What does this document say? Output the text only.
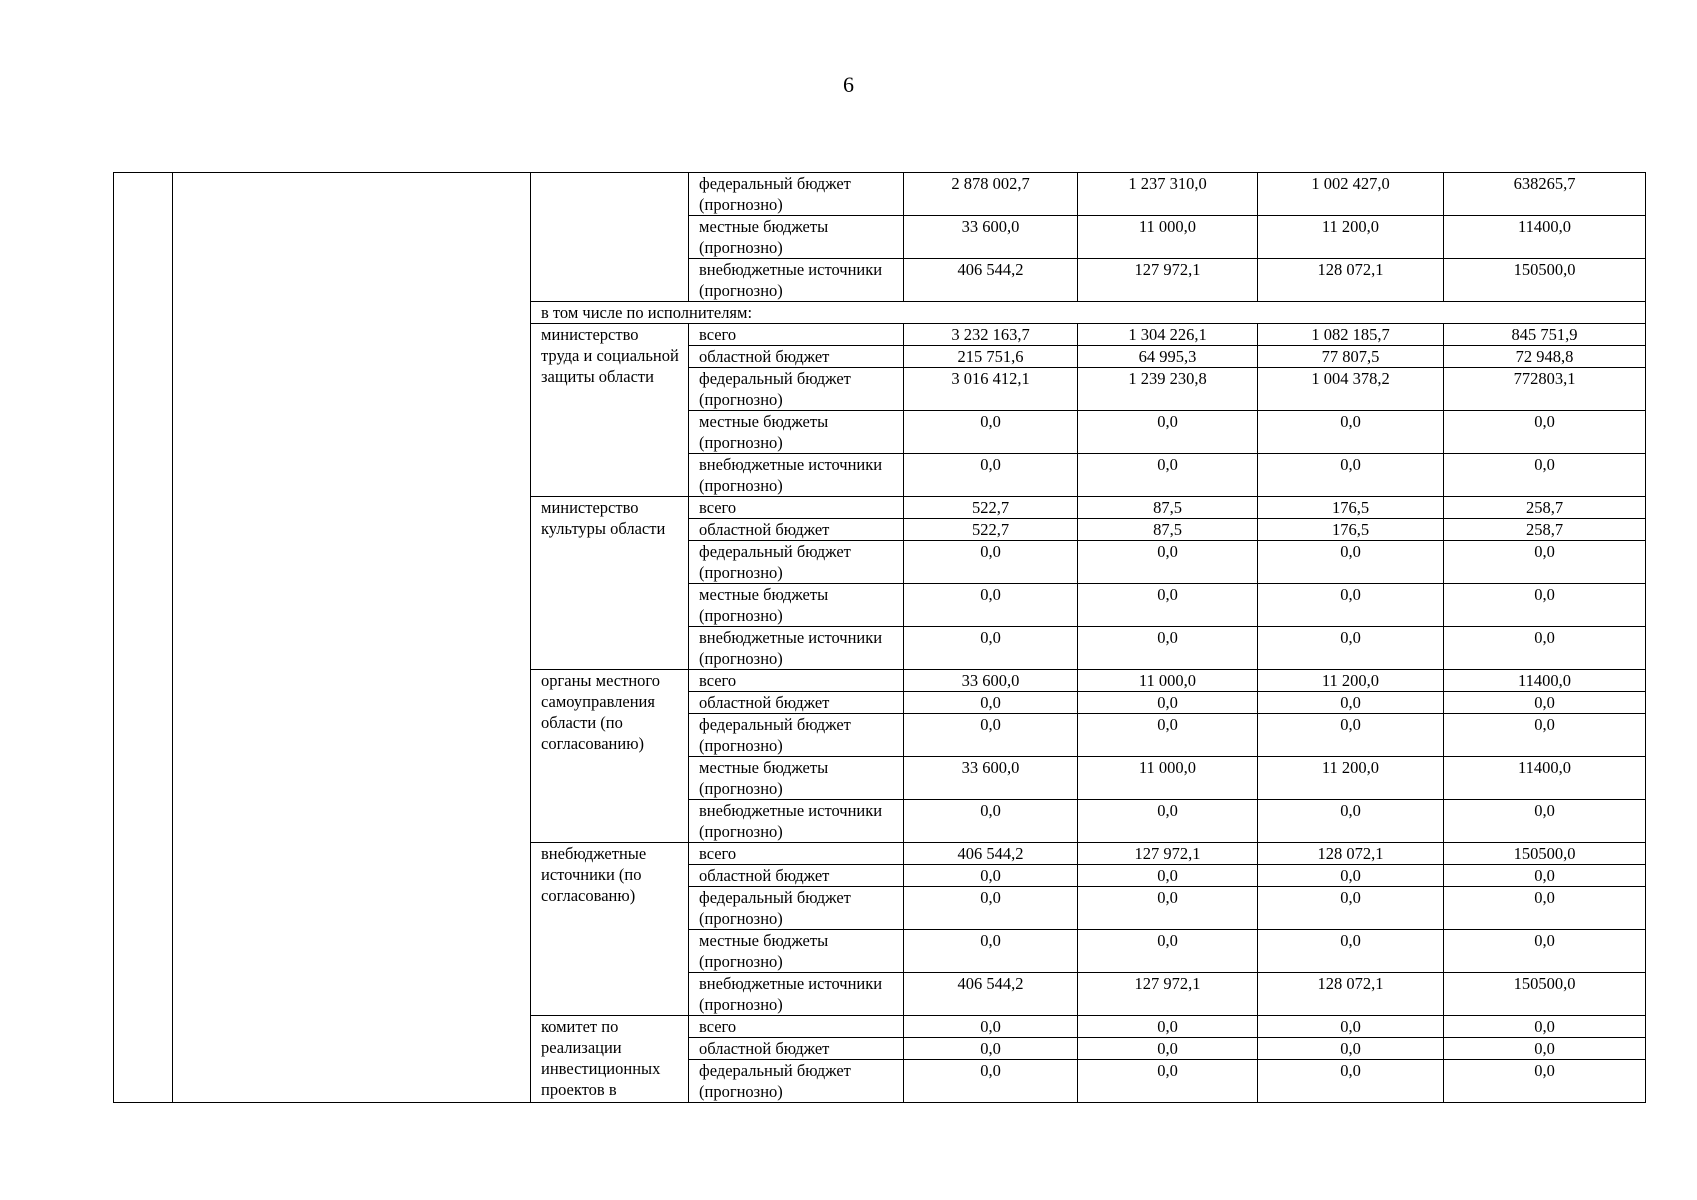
6
			федеральный бюджет (прогнозно)	2 878 002,7	1 237 310,0	1 002 427,0	638265,7
			местные бюджеты (прогнозно)	33 600,0	11 000,0	11 200,0	11400,0
			внебюджетные источники (прогнозно)	406 544,2	127 972,1	128 072,1	150500,0
		в том числе по исполнителям:					
		министерство труда и социальной защиты области	всего	3 232 163,7	1 304 226,1	1 082 185,7	845 751,9
			областной бюджет	215 751,6	64 995,3	77 807,5	72 948,8
			федеральный бюджет (прогнозно)	3 016 412,1	1 239 230,8	1 004 378,2	772803,1
			местные бюджеты (прогнозно)	0,0	0,0	0,0	0,0
			внебюджетные источники (прогнозно)	0,0	0,0	0,0	0,0
		министерство культуры области	всего	522,7	87,5	176,5	258,7
			областной бюджет	522,7	87,5	176,5	258,7
			федеральный бюджет (прогнозно)	0,0	0,0	0,0	0,0
			местные бюджеты (прогнозно)	0,0	0,0	0,0	0,0
			внебюджетные источники (прогнозно)	0,0	0,0	0,0	0,0
		органы местного самоуправления области (по согласованию)	всего	33 600,0	11 000,0	11 200,0	11400,0
			областной бюджет	0,0	0,0	0,0	0,0
			федеральный бюджет (прогнозно)	0,0	0,0	0,0	0,0
			местные бюджеты (прогнозно)	33 600,0	11 000,0	11 200,0	11400,0
			внебюджетные источники (прогнозно)	0,0	0,0	0,0	0,0
		внебюджетные источники (по согласованю)	всего	406 544,2	127 972,1	128 072,1	150500,0
			областной бюджет	0,0	0,0	0,0	0,0
			федеральный бюджет (прогнозно)	0,0	0,0	0,0	0,0
			местные бюджеты (прогнозно)	0,0	0,0	0,0	0,0
			внебюджетные источники (прогнозно)	406 544,2	127 972,1	128 072,1	150500,0
		комитет по реализации инвестиционных проектов в	всего	0,0	0,0	0,0	0,0
			областной бюджет	0,0	0,0	0,0	0,0
			федеральный бюджет (прогнозно)	0,0	0,0	0,0	0,0
